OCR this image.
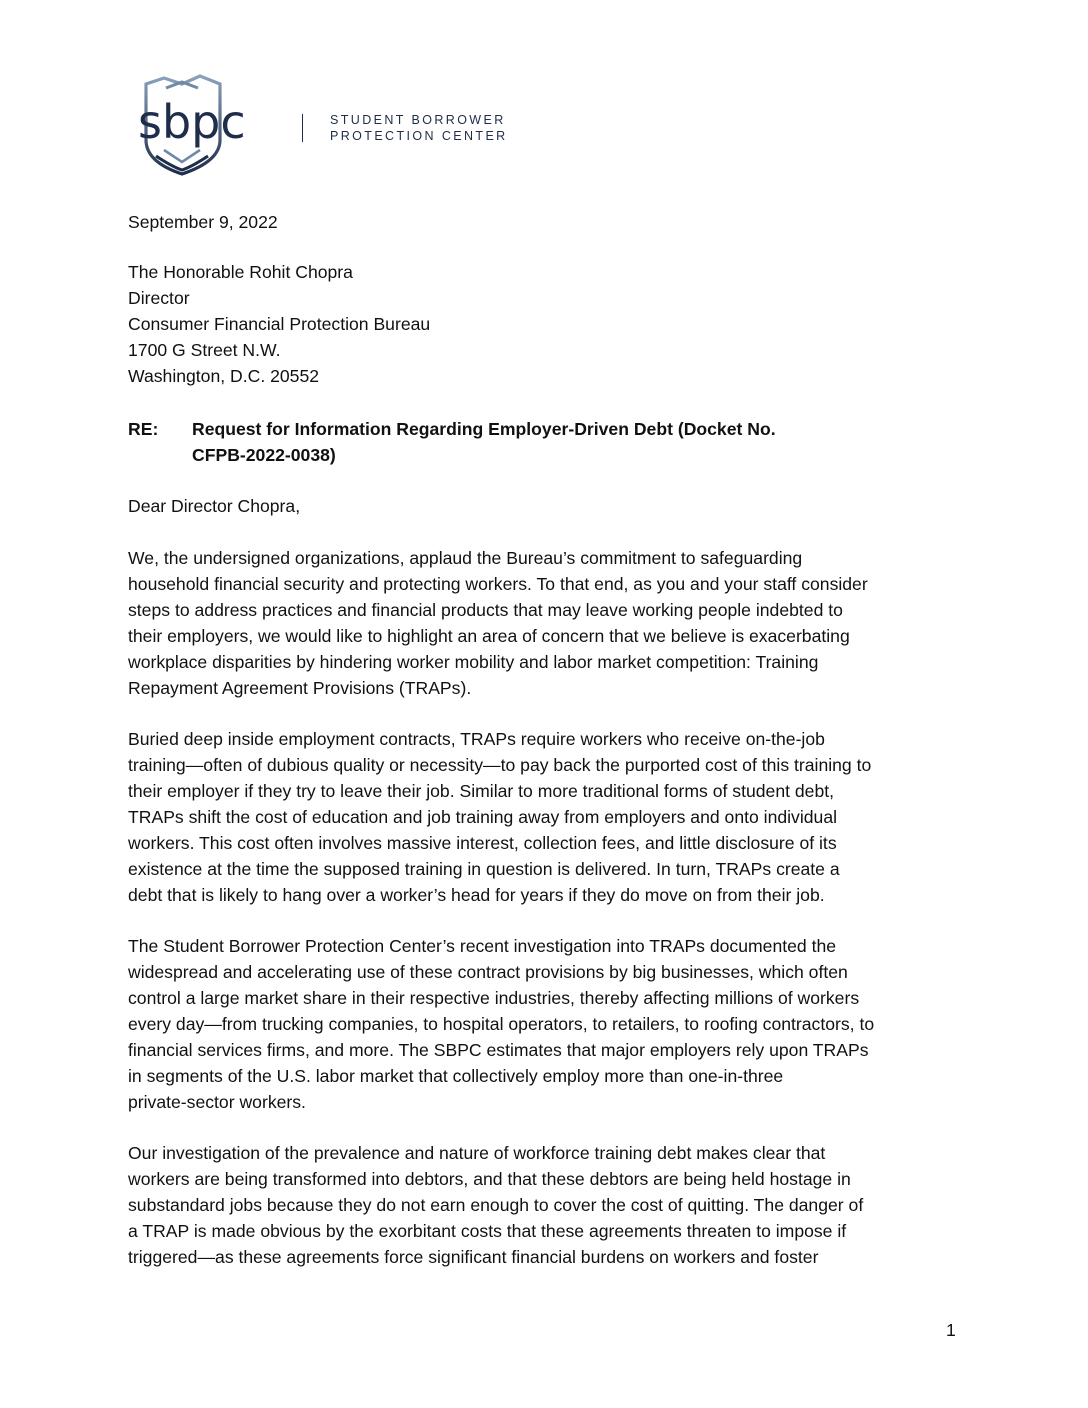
sbpc	STUDENT BORROWER
PROTECTION CENTER
September 9, 2022
The Honorable Rohit Chopra
Director
Consumer Financial Protection Bureau
1700 G Street N.W.
Washington, D.C. 20552
RE: Request for Information Regarding Employer-Driven Debt (Docket No.
CFPB-2022-0038)
Dear Director Chopra,
We, the undersigned organizations, applaud the Bureau’s commitment to safeguarding
household financial security and protecting workers. To that end, as you and your staff consider
steps to address practices and financial products that may leave working people indebted to
their employers, we would like to highlight an area of concern that we believe is exacerbating
workplace disparities by hindering worker mobility and labor market competition: Training
Repayment Agreement Provisions (TRAPs).
Buried deep inside employment contracts, TRAPs require workers who receive on-the-job
training—often of dubious quality or necessity—to pay back the purported cost of this training to
their employer if they try to leave their job. Similar to more traditional forms of student debt,
TRAPs shift the cost of education and job training away from employers and onto individual
workers. This cost often involves massive interest, collection fees, and little disclosure of its
existence at the time the supposed training in question is delivered. In turn, TRAPs create a
debt that is likely to hang over a worker’s head for years if they do move on from their job.
The Student Borrower Protection Center’s recent investigation into TRAPs documented the
widespread and accelerating use of these contract provisions by big businesses, which often
control a large market share in their respective industries, thereby affecting millions of workers
every day—from trucking companies, to hospital operators, to retailers, to roofing contractors, to
financial services firms, and more. The SBPC estimates that major employers rely upon TRAPs
in segments of the U.S. labor market that collectively employ more than one-in-three
private-sector workers.
Our investigation of the prevalence and nature of workforce training debt makes clear that
workers are being transformed into debtors, and that these debtors are being held hostage in
substandard jobs because they do not earn enough to cover the cost of quitting. The danger of
a TRAP is made obvious by the exorbitant costs that these agreements threaten to impose if
triggered—as these agreements force significant financial burdens on workers and foster
1
